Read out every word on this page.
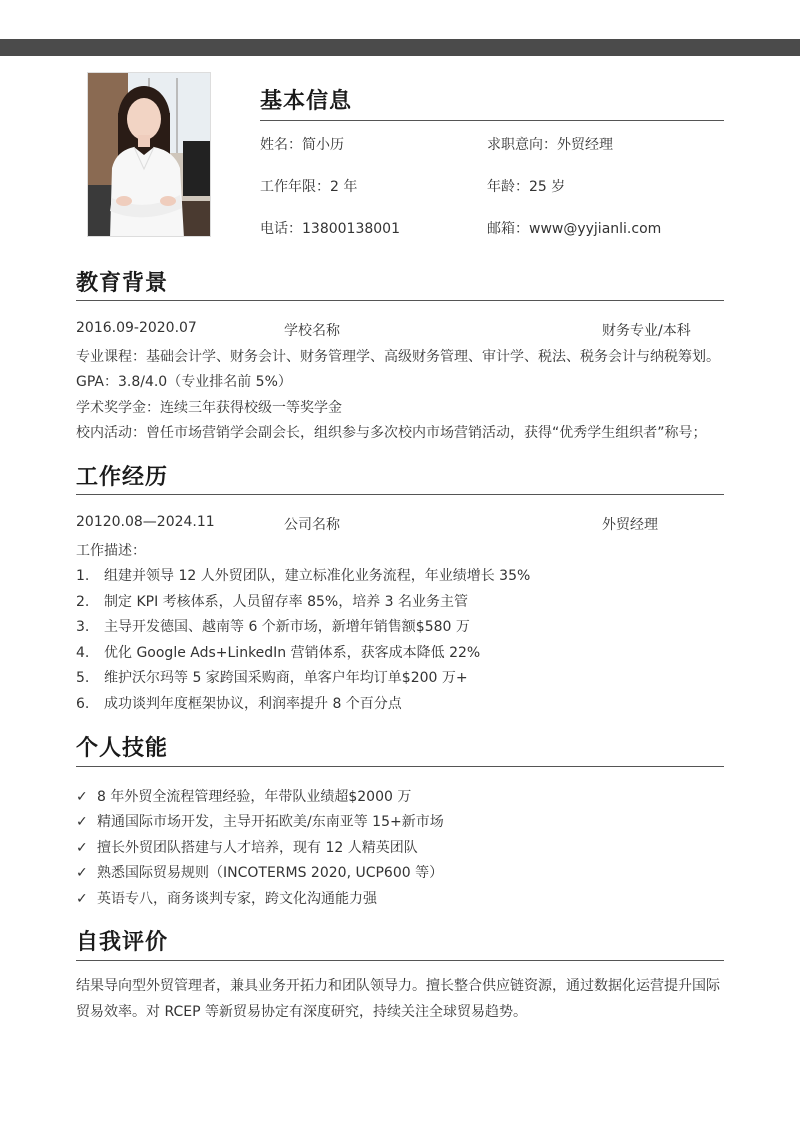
基本信息
姓名：简小历	求职意向：外贸经理
工作年限：2 年	年龄：25 岁
电话：13800138001	邮箱：www@yyjianli.com
教育背景
2016.09-2020.07	学校名称	财务专业/本科
专业课程：基础会计学、财务会计、财务管理学、高级财务管理、审计学、税法、税务会计与纳税筹划。
GPA：3.8/4.0（专业排名前 5%）
学术奖学金：连续三年获得校级一等奖学金
校内活动：曾任市场营销学会副会长，组织参与多次校内市场营销活动，获得“优秀学生组织者”称号；
工作经历
20120.08—2024.11	公司名称	外贸经理
工作描述：
1. 组建并领导 12 人外贸团队，建立标准化业务流程，年业绩增长 35%
2. 制定 KPI 考核体系，人员留存率 85%，培养 3 名业务主管
3. 主导开发德国、越南等 6 个新市场，新增年销售额$580 万
4. 优化 Google Ads+LinkedIn 营销体系，获客成本降低 22%
5. 维护沃尔玛等 5 家跨国采购商，单客户年均订单$200 万+
6. 成功谈判年度框架协议，利润率提升 8 个百分点
个人技能
✓ 8 年外贸全流程管理经验，年带队业绩超$2000 万
✓ 精通国际市场开发，主导开拓欧美/东南亚等 15+新市场
✓ 擅长外贸团队搭建与人才培养，现有 12 人精英团队
✓ 熟悉国际贸易规则（INCOTERMS 2020, UCP600 等）
✓ 英语专八，商务谈判专家，跨文化沟通能力强
自我评价
结果导向型外贸管理者，兼具业务开拓力和团队领导力。擅长整合供应链资源，通过数据化运营提升国际贸易效率。对 RCEP 等新贸易协定有深度研究，持续关注全球贸易趋势。
